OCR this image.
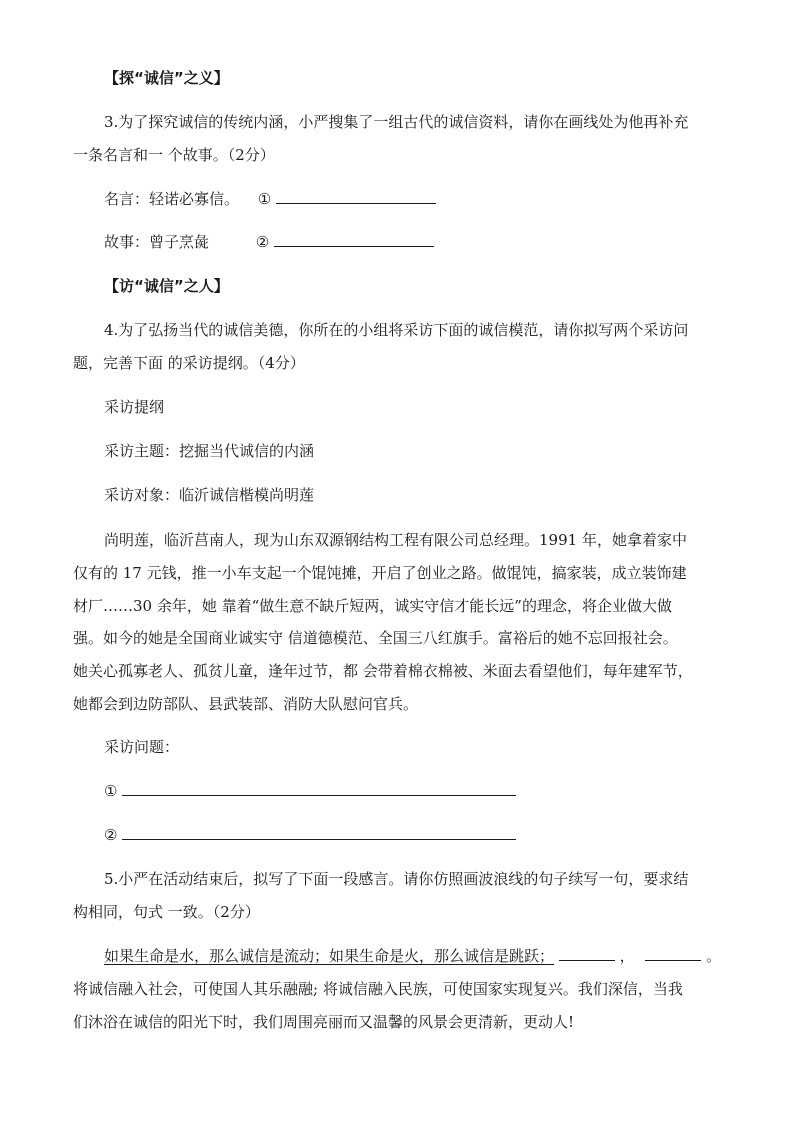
【探“诚信”之义】
3.为了探究诚信的传统内涵，小严搜集了一组古代的诚信资料，请你在画线处为他再补充
一条名言和一 个故事。（2分）
名言：轻诺必寡信。 ①
故事：曾子烹彘	②
【访“诚信”之人】
4.为了弘扬当代的诚信美德，你所在的小组将采访下面的诚信模范，请你拟写两个采访问
题，完善下面 的采访提纲。（4分）
采访提纲
采访主题：挖掘当代诚信的内涵
采访对象：临沂诚信楷模尚明莲
尚明莲，临沂莒南人，现为山东双源钢结构工程有限公司总经理。1991 年，她拿着家中
仅有的 17 元钱，推一小车支起一个馄饨摊，开启了创业之路。做馄饨，搞家装，成立装饰建
材厂……30 余年，她 靠着“做生意不缺斤短两，诚实守信才能长远”的理念，将企业做大做
强。如今的她是全国商业诚实守 信道德模范、全国三八红旗手。富裕后的她不忘回报社会。
她关心孤寡老人、孤贫儿童，逢年过节，都 会带着棉衣棉被、米面去看望他们，每年建军节，
她都会到边防部队、县武装部、消防大队慰问官兵。
采访问题：
①
②
5.小严在活动结束后，拟写了下面一段感言。请你仿照画波浪线的句子续写一句，要求结
构相同，句式 一致。（2分）
如果生命是水，那么诚信是流动；如果生命是火，那么诚信是跳跃；	，	。
将诚信融入社会，可使国人其乐融融; 将诚信融入民族，可使国家实现复兴。我们深信，当我
们沐浴在诚信的阳光下时，我们周围亮丽而又温馨的风景会更清新，更动人!
